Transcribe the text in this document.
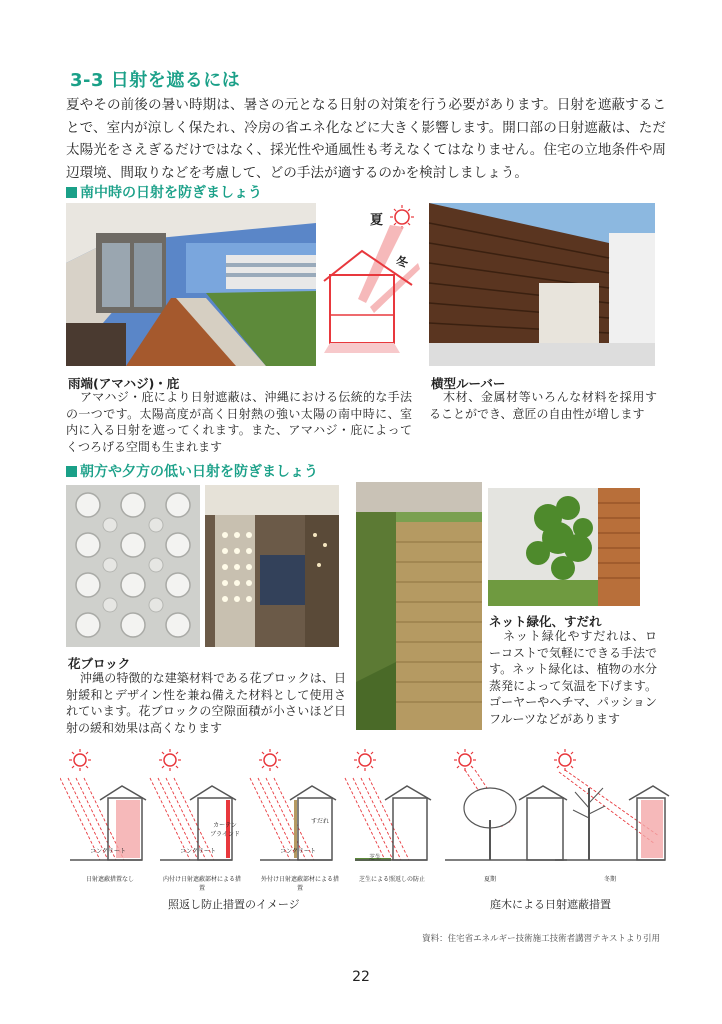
3-3 日射を遮るには
夏やその前後の暑い時期は、暑さの元となる日射の対策を行う必要があります。日射を遮蔽することで、室内が涼しく保たれ、冷房の省エネ化などに大きく影響します。開口部の日射遮蔽は、ただ太陽光をさえぎるだけではなく、採光性や通風性も考えなくてはなりません。住宅の立地条件や周辺環境、間取りなどを考慮して、どの手法が適するのかを検討しましょう。
南中時の日射を防ぎましょう
夏
冬
雨端(アマハジ)・庇
アマハジ・庇により日射遮蔽は、沖縄における伝統的な手法の一つです。太陽高度が高く日射熱の強い太陽の南中時に、室内に入る日射を遮ってくれます。また、アマハジ・庇によってくつろげる空間も生まれます
横型ルーバー
木材、金属材等いろんな材料を採用することができ、意匠の自由性が増します
朝方や夕方の低い日射を防ぎましょう
花ブロック
沖縄の特徴的な建築材料である花ブロックは、日射緩和とデザイン性を兼ね備えた材料として使用されています。花ブロックの空隙面積が小さいほど日射の緩和効果は高くなります
ネット緑化、すだれ
ネット緑化やすだれは、ローコストで気軽にできる手法です。ネット緑化は、植物の水分蒸発によって気温を下げます。ゴーヤーやヘチマ、パッションフルーツなどがあります
日射遮蔽措置なし	内付け日射遮蔽部材による措置
外付け日射遮蔽部材による措置
芝生による照返しの防止	夏期	冬期
コンクリート	コンクリート
カーテン ブラインド
コンクリート
すだれ
芝生
照返し防止措置のイメージ	庭木による日射遮蔽措置
資料：住宅省エネルギー技術施工技術者講習テキストより引用
22
